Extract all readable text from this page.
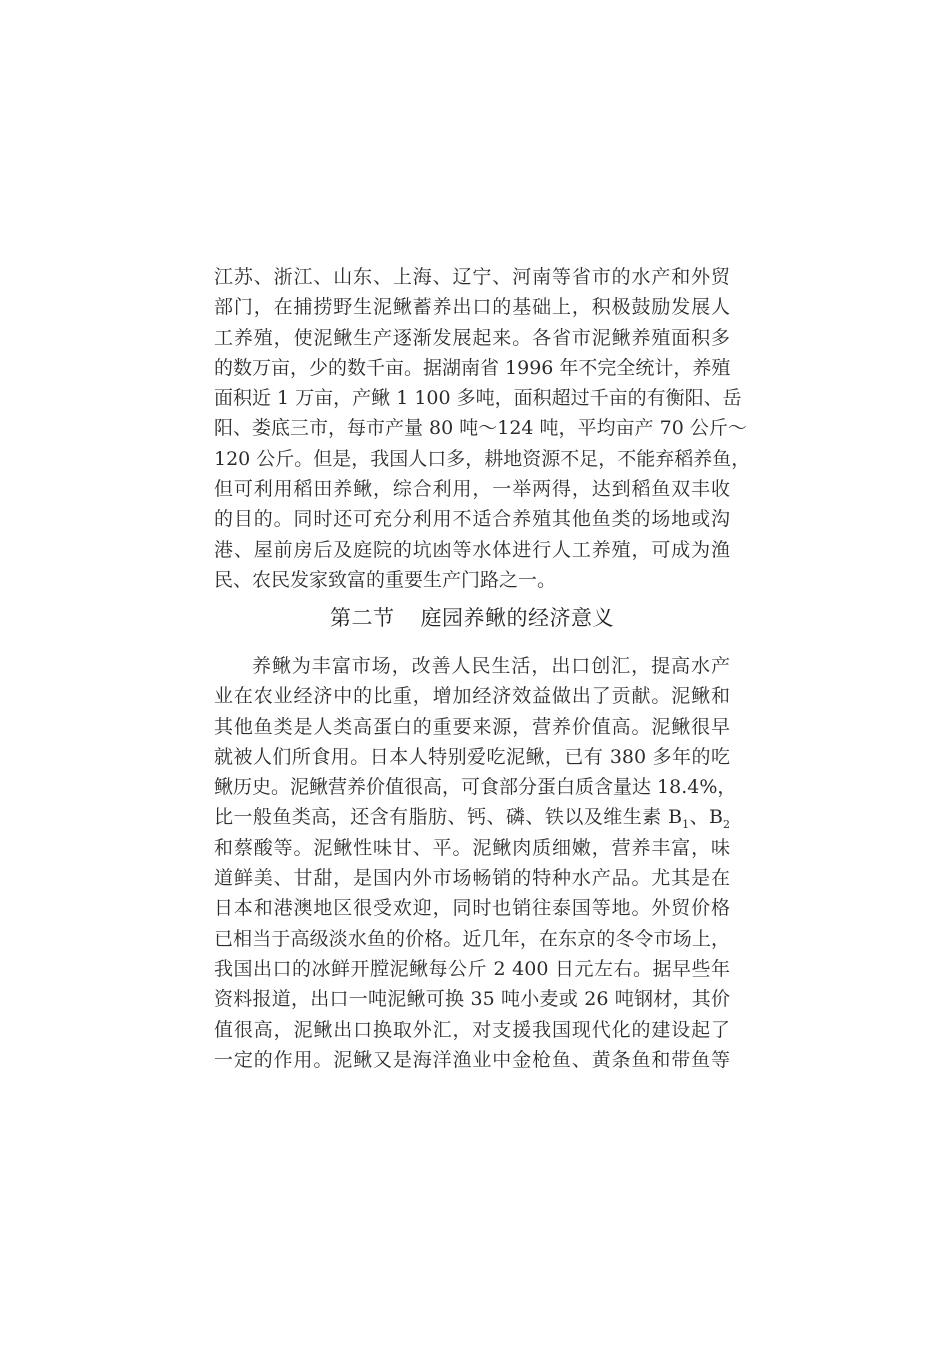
江苏、浙江、山东、上海、辽宁、河南等省市的水产和外贸
部门，在捕捞野生泥鳅蓄养出口的基础上，积极鼓励发展人
工养殖，使泥鳅生产逐渐发展起来。各省市泥鳅养殖面积多
的数万亩，少的数千亩。据湖南省 1996 年不完全统计，养殖
面积近 1 万亩，产鳅 1 100 多吨，面积超过千亩的有衡阳、岳
阳、娄底三市，每市产量 80 吨～124 吨，平均亩产 70 公斤～
120 公斤。但是，我国人口多，耕地资源不足，不能弃稻养鱼，
但可利用稻田养鳅，综合利用，一举两得，达到稻鱼双丰收
的目的。同时还可充分利用不适合养殖其他鱼类的场地或沟
港、屋前房后及庭院的坑凼等水体进行人工养殖，可成为渔
民、农民发家致富的重要生产门路之一。
第二节 庭园养鳅的经济意义
养鳅为丰富市场，改善人民生活，出口创汇，提高水产
业在农业经济中的比重，增加经济效益做出了贡献。泥鳅和
其他鱼类是人类高蛋白的重要来源，营养价值高。泥鳅很早
就被人们所食用。日本人特别爱吃泥鳅，已有 380 多年的吃
鳅历史。泥鳅营养价值很高，可食部分蛋白质含量达 18.4%，
比一般鱼类高，还含有脂肪、钙、磷、铁以及维生素 $B_1$、$B_2$
和蔡酸等。泥鳅性味甘、平。泥鳅肉质细嫩，营养丰富，味
道鲜美、甘甜，是国内外市场畅销的特种水产品。尤其是在
日本和港澳地区很受欢迎，同时也销往泰国等地。外贸价格
已相当于高级淡水鱼的价格。近几年，在东京的冬令市场上，
我国出口的冰鲜开膛泥鳅每公斤 2 400 日元左右。据早些年
资料报道，出口一吨泥鳅可换 35 吨小麦或 26 吨钢材，其价
值很高，泥鳅出口换取外汇，对支援我国现代化的建设起了
一定的作用。泥鳅又是海洋渔业中金枪鱼、黄条鱼和带鱼等
